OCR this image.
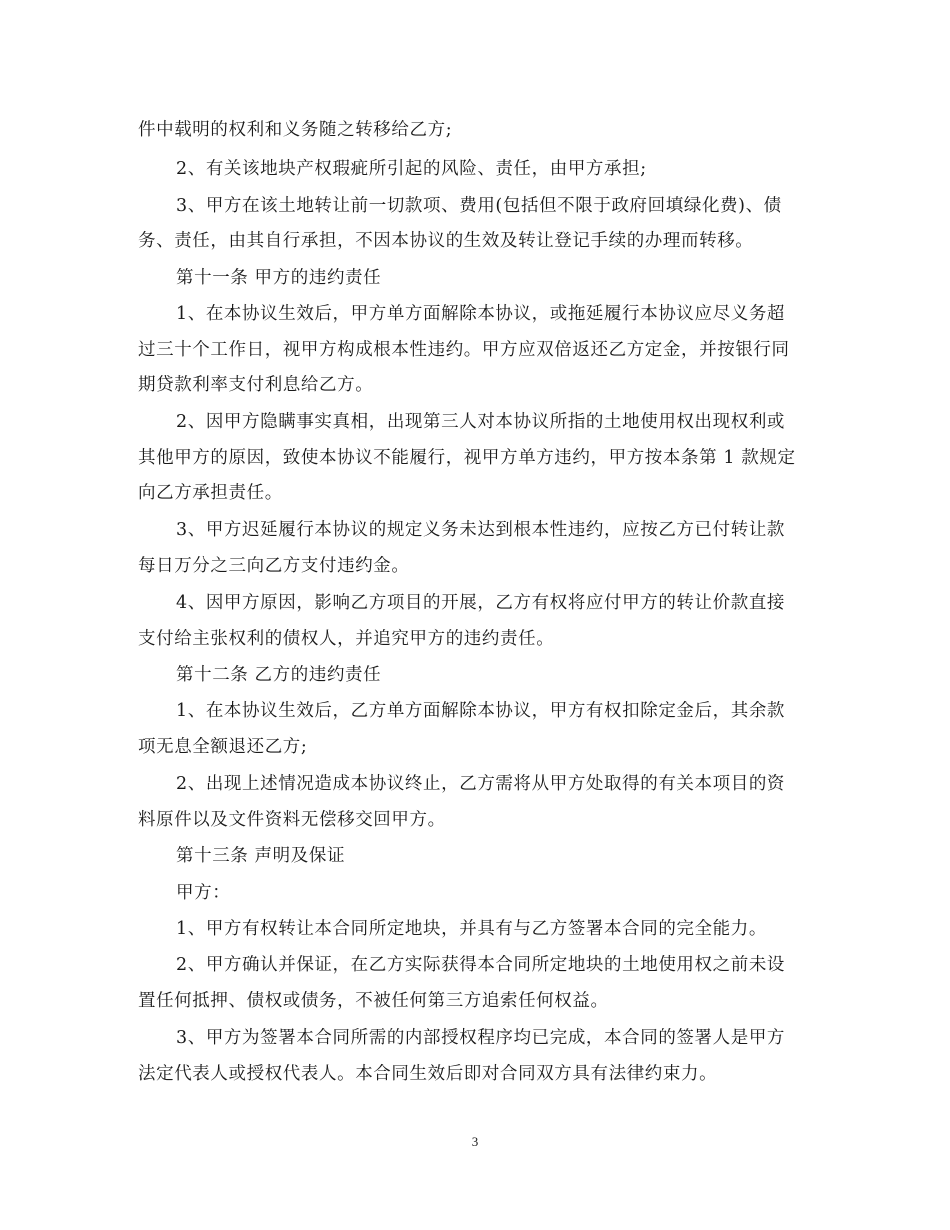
件中载明的权利和义务随之转移给乙方;
2、有关该地块产权瑕疵所引起的风险、责任，由甲方承担;
3、甲方在该土地转让前一切款项、费用(包括但不限于政府回填绿化费)、债
务、责任，由其自行承担，不因本协议的生效及转让登记手续的办理而转移。
第十一条 甲方的违约责任
1、在本协议生效后，甲方单方面解除本协议，或拖延履行本协议应尽义务超
过三十个工作日，视甲方构成根本性违约。甲方应双倍返还乙方定金，并按银行同
期贷款利率支付利息给乙方。
2、因甲方隐瞒事实真相，出现第三人对本协议所指的土地使用权出现权利或
其他甲方的原因，致使本协议不能履行，视甲方单方违约，甲方按本条第 1 款规定
向乙方承担责任。
3、甲方迟延履行本协议的规定义务未达到根本性违约，应按乙方已付转让款
每日万分之三向乙方支付违约金。
4、因甲方原因，影响乙方项目的开展，乙方有权将应付甲方的转让价款直接
支付给主张权利的债权人，并追究甲方的违约责任。
第十二条 乙方的违约责任
1、在本协议生效后，乙方单方面解除本协议，甲方有权扣除定金后，其余款
项无息全额退还乙方;
2、出现上述情况造成本协议终止，乙方需将从甲方处取得的有关本项目的资
料原件以及文件资料无偿移交回甲方。
第十三条 声明及保证
甲方：
1、甲方有权转让本合同所定地块，并具有与乙方签署本合同的完全能力。
2、甲方确认并保证，在乙方实际获得本合同所定地块的土地使用权之前未设
置任何抵押、债权或债务，不被任何第三方追索任何权益。
3、甲方为签署本合同所需的内部授权程序均已完成，本合同的签署人是甲方
法定代表人或授权代表人。本合同生效后即对合同双方具有法律约束力。
3
